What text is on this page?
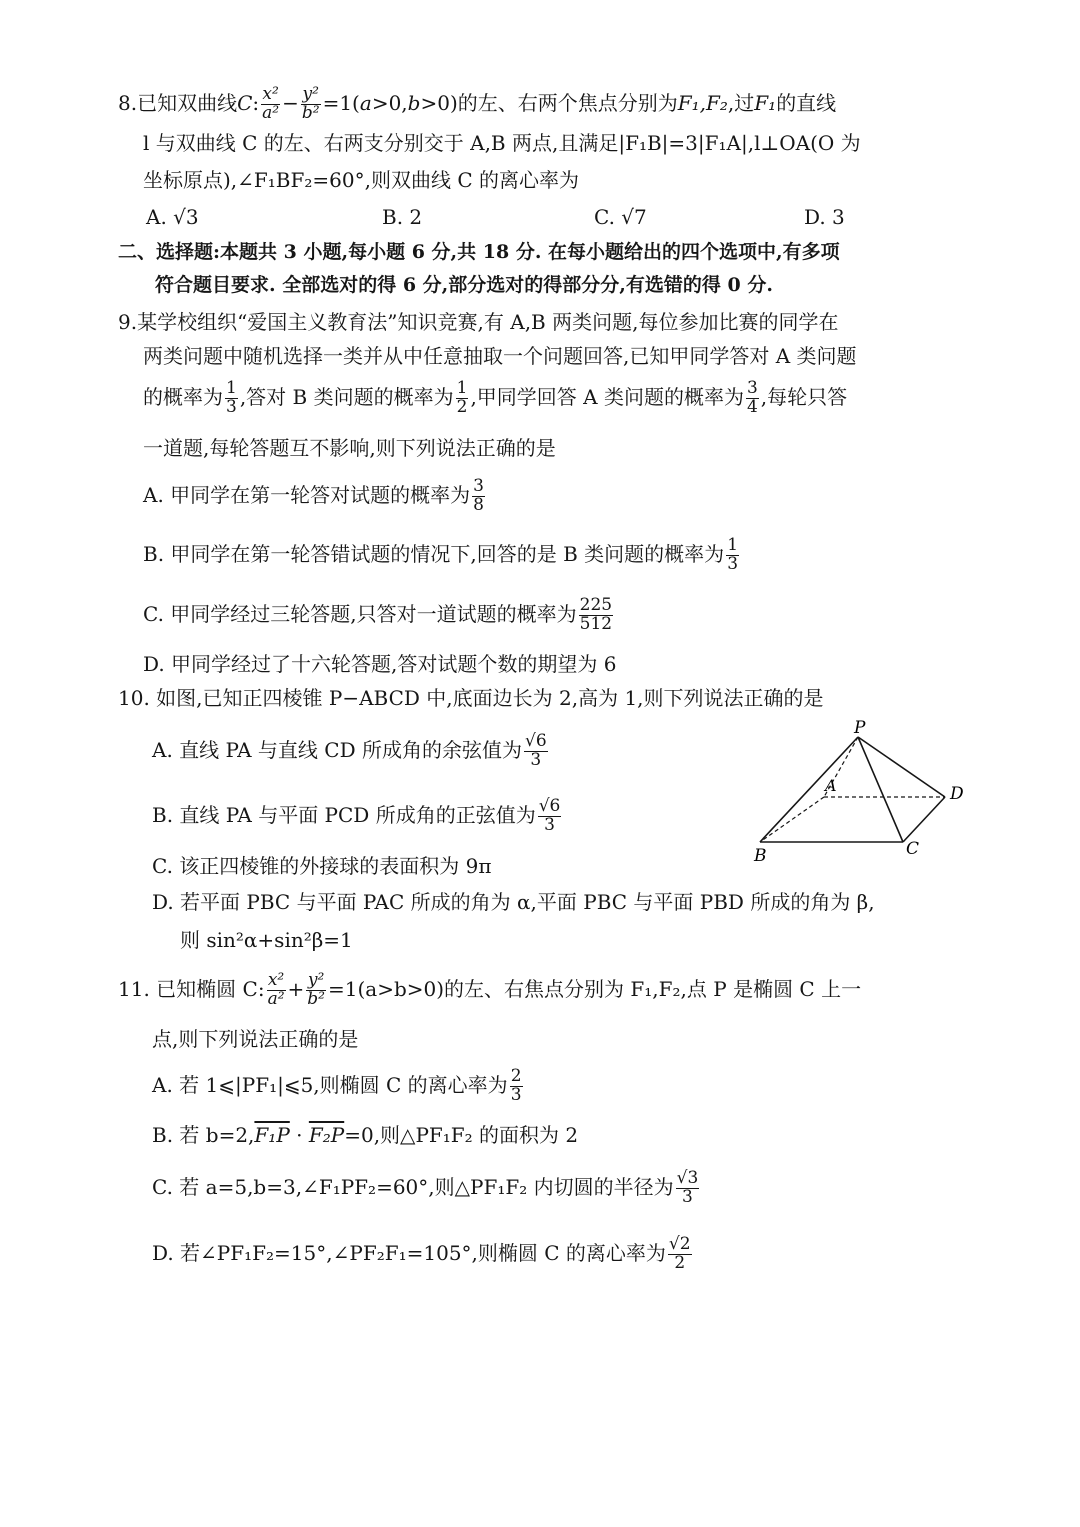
8.已知双曲线C: $\frac{\text{x²}}{\text{a²}} - \frac{\text{y²}}{\text{b²}} =1(a>0,b>0)$的左、右两个焦点分别为F₁,F₂,过F₁的直线
l 与双曲线 C 的左、右两支分别交于 A,B 两点,且满足|F₁B|=3|F₁A|,l⊥OA(O 为
坐标原点),∠F₁BF₂=60°,则双曲线 C 的离心率为
A. √3	B. 2	C. √7	D. 3
二、选择题:本题共 3 小题,每小题 6 分,共 18 分. 在每小题给出的四个选项中,有多项
符合题目要求. 全部选对的得 6 分,部分选对的得部分分,有选错的得 0 分.
9.某学校组织“爱国主义教育法”知识竞赛,有 A,B 两类问题,每位参加比赛的同学在
两类问题中随机选择一类并从中任意抽取一个问题回答,已知甲同学答对 A 类问题
的概率为 $\frac{1}{3}$ ,答对 B 类问题的概率为 $\frac{1}{2}$ ,甲同学回答 A 类问题的概率为 $\frac{3}{4}$ ,每轮只答
一道题,每轮答题互不影响,则下列说法正确的是
A. 甲同学在第一轮答对试题的概率为 $\frac{3}{8}$
B. 甲同学在第一轮答错试题的情况下,回答的是 B 类问题的概率为 $\frac{1}{3}$
C. 甲同学经过三轮答题,只答对一道试题的概率为 $\frac{225}{512}$
D. 甲同学经过了十六轮答题,答对试题个数的期望为 6
10. 如图,已知正四棱锥 P−ABCD 中,底面边长为 2,高为 1,则下列说法正确的是
A. 直线 PA 与直线 CD 所成角的余弦值为 $\frac{√6}{3}$
B. 直线 PA 与平面 PCD 所成角的正弦值为 $\frac{√6}{3}$
C. 该正四棱锥的外接球的表面积为 9π
D. 若平面 PBC 与平面 PAC 所成的角为 α,平面 PBC 与平面 PBD 所成的角为 β,
则 sin²α+sin²β=1
P
A
B	C
D
11. 已知椭圆 C: $\frac{\text{x²}}{\text{a²}} + \frac{\text{y²}}{\text{b²}} =1(a>b>0)$的左、右焦点分别为 F₁,F₂,点 P 是椭圆 C 上一
点,则下列说法正确的是
A. 若 1⩽|PF₁|⩽5,则椭圆 C 的离心率为 $\frac{2}{3}$
B. 若 b=2,F₁P · F₂P=0,则△PF₁F₂ 的面积为 2
C. 若 a=5,b=3,∠F₁PF₂=60°,则△PF₁F₂ 内切圆的半径为 $\frac{√3}{3}$
D. 若∠PF₁F₂=15°,∠PF₂F₁=105°,则椭圆 C 的离心率为 $\frac{√2}{2}$
